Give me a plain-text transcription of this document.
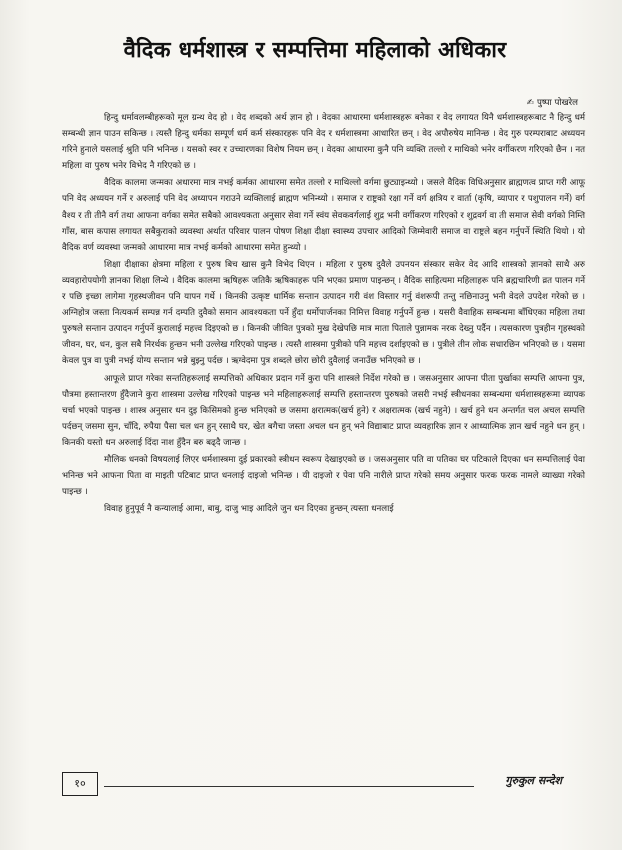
वैदिक धर्मशास्त्र र सम्पत्तिमा महिलाको अधिकार
✍ पुष्पा पोखरेल

हिन्दु धर्मावलम्बीहरूको मूल ग्रन्थ वेद हो । वेद शब्दको अर्थ ज्ञान हो । वेदका आधारमा धर्मशास्त्रहरू बनेका र वेद लगायत यिनै धर्मशास्त्रहरूबाट नै हिन्दु धर्म सम्बन्धी ज्ञान पाउन सकिन्छ । त्यस्तै हिन्दु धर्मका सम्पूर्ण धर्म कर्म संस्कारहरू पनि वेद र धर्मशास्त्रमा आधारित छन् । वेद अपौरुषेय मानिन्छ । वेद गुरु परम्पराबाट अध्ययन गरिने हुनाले यसलाई श्रुति पनि भनिन्छ । यसको स्वर र उच्चारणका विशेष नियम छन् । वेदका आधारमा कुनै पनि व्यक्ति तल्लो र माथिको भनेर वर्गीकरण गरिएको छैन । नत महिला वा पुरुष भनेर विभेद नै गरिएको छ ।

वैदिक कालमा जन्मका अधारमा मात्र नभई कर्मका आधारमा समेत तल्लो र माथिल्लो वर्गमा छुट्याइन्थ्यो । जसले वैदिक विधिअनुसार ब्राह्मणत्व प्राप्त गरी आफू पनि वेद अध्ययन गर्ने र अरुलाई पनि वेद अध्यापन गराउने व्यक्तिलाई ब्राह्मण भनिन्थ्यो । समाज र राष्ट्रको रक्षा गर्ने वर्ग क्षत्रिय र वार्ता (कृषि, व्यापार र पशुपालन गर्ने) वर्ग वैश्य र ती तीनै वर्ग तथा आफना वर्गका समेत सबैको आवश्यकता अनुसार सेवा गर्ने स्वंय सेवकवर्गलाई शुद्र भनी वर्गीकरण गरिएको र शुद्रवर्ग वा ती समाज सेवी वर्गको निम्ति गाँस, बास कपास लगायत सबैकुराको व्यवस्था अर्थात परिवार पालन पोषण शिक्षा दीक्षा स्वास्थ्य उपचार आदिको जिम्मेवारी समाज वा राष्ट्रले बहन गर्नुपर्ने स्थिति थियो । यो वैदिक वर्ण व्यवस्था जन्मको आधारमा मात्र नभई कर्मको आधारमा समेत हुन्थ्यो ।

शिक्षा दीक्षाका क्षेत्रमा महिला र पुरुष बिच खास कुनै विभेद थिएन । महिला र पुरुष दुवैले उपनयन संस्कार सकेर वेद आदि शास्त्रको ज्ञानको साथै अरु व्यवहारोपयोगी ज्ञानका शिक्षा लिन्थे । वैदिक कालमा ऋषिहरू जतिकै ऋषिकाहरू पनि भएका प्रमाण पाइन्छन् । वैदिक साहित्यमा महिलाहरू पनि ब्रह्मचारिणी व्रत पालन गर्ने र पछि इच्छा लागेमा गृहस्थजीवन पनि यापन गर्थे । किनकी उत्कृष्ट धार्मिक सन्तान उत्पादन गरी वंश विस्तार गर्नु वंशरूपी तन्तु नछिनाउनु भनी वेदले उपदेश गरेको छ । अग्निहोत्र जस्ता नित्यकर्म सम्पन्न गर्न दम्पति दुवैको समान आवश्यकता पर्ने हुँदा धर्मोपार्जनका निमित्त विवाह गर्नुपर्ने हुन्छ । यसरी वैवाहिक सम्बन्धमा बाँधिएका महिला तथा पुरुषले सन्तान उत्पादन गर्नुपर्ने कुरालाई महत्त्व दिइएको छ । किनकी जीवित पुत्रको मुख देखेपछि मात्र माता पिताले पुन्नामक नरक देख्नु पर्दैन । त्यसकारण पुत्रहीन गृहस्थको जीवन, घर, धन, कुल सबै निरर्थक हुन्छन भनी उल्लेख गरिएको पाइन्छ । त्यस्तै शास्त्रमा पुत्रीको पनि महत्त्व दर्शाइएको छ । पुत्रीले तीन लोक सधारछिन भनिएको छ । यसमा केवल पुत्र वा पुत्री नभई योग्य सन्तान भन्ने बुझ्नु पर्दछ । ऋग्वेदमा पुत्र शब्दले छोरा छोरी दुवैलाई जनाउँछ भनिएको छ ।

आफूले प्राप्त गरेका सन्ततिहरूलाई सम्पत्तिको अधिकार प्रदान गर्ने कुरा पनि शास्त्रले निर्देश गरेको छ । जसअनुसार आफ्ना पीता पुर्खाका सम्पत्ति आफ्ना पुत्र, पौत्रमा हस्तान्तरण हुँदैजाने कुरा शास्त्रमा उल्लेख गरिएको पाइन्छ भने महिलाहरूलाई सम्पत्ति हस्तान्तरण पुरुषको जसरी नभई स्त्रीधनका सम्बन्धमा धर्मशास्त्रहरूमा व्यापक चर्चा भएको पाइन्छ । शास्त्र अनुसार धन दुइ किसिमको हुन्छ भनिएको छ जसमा क्षरात्मक(खर्च हुने) र अक्षरात्मक (खर्च नहुने) । खर्च हुने धन अन्तर्गत चल अचल सम्पत्ति पर्दछन् जसमा सुन, चाँदि, रुपैया पैसा चल धन हुन् रसाथै घर, खेत बगैचा जस्ता अचल धन हुन् भने विद्याबाट प्राप्त व्यवहारिक ज्ञान र आध्यात्मिक ज्ञान खर्च नहुने धन हुन् । किनकी यस्तो धन अरुलाई दिंदा नाश हुँदैन बरु बढ्दै जान्छ ।

मौलिक धनको विषयलाई लिएर धर्मशास्त्रमा दुई प्रकारको स्त्रीधन स्वरूप देखाइएको छ । जसअनुसार पति वा पतिका घर पटिकाले दिएका धन सम्पत्तिलाई पेवा भनिन्छ भने आफना पिता वा माइती पटिबाट प्राप्त धनलाई दाइजो भनिन्छ । यी दाइजो र पेवा पनि नारीले प्राप्त गरेको समय अनुसार फरक फरक नामले व्याख्या गरेको पाइन्छ ।

विवाह हुनुपूर्व नै कन्यालाई आमा, बाबु, दाजु भाइ आदिले जुन धन दिएका हुन्छन् त्यस्ता धनलाई

१०	गुरुकुल सन्देश
